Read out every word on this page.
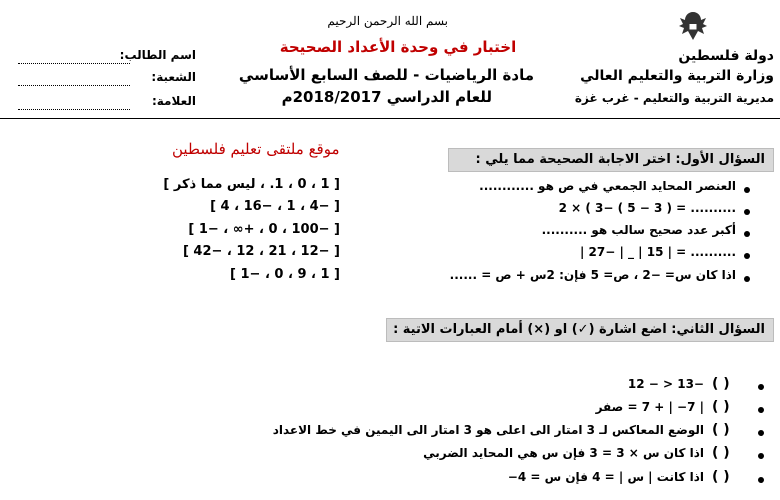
بسم الله الرحمن الرحيم
اختبار في وحدة الأعداد الصحيحة
مادة الرياضيات - للصف السابع الأساسي
للعام الدراسي 2018/2017م
دولة فلسطين
وزارة التربية والتعليم العالي
مديرية التربية والتعليم - غرب غزة
اسم الطالب:
الشعبة:
العلامة:
موقع ملتقى تعليم فلسطين
السؤال الأول: اختر الاجابة الصحيحة مما يلي :
العنصر المحايد الجمعي في ص هو ............
2 × ( 3− ( 5 − 3 ) = ..........
أكبر عدد صحيح سالب هو ..........
| 27− | _ | 15 | = ..........
اذا كان س= −2 ، ص= 5 فإن: 2س + ص = ......
[ 1 ، 0 ، 1. ، ليس مما ذكر ]
[ 4 ، 16− ، 1 ، 4− ]
[ 1− ، ∞+ ، 0 ، 100− ]
[ 42− ، 12 ، 21 ، 12− ]
[ 1− ، 0 ، 9 ، 1 ]
السؤال الثاني: اضع اشارة (✓) او (×) أمام العبارات الاتية :
( )
12 − > 13−
( )
| 7− | + 7 = صفر
( )
الوضع المعاكس لـ 3 امتار الى اعلى هو 3 امتار الى اليمين في خط الاعداد
( )
اذا كان س × 3 = 3 فإن س هي المحايد الضربي
( )
اذا كانت | س | = 4 فإن س = 4−
